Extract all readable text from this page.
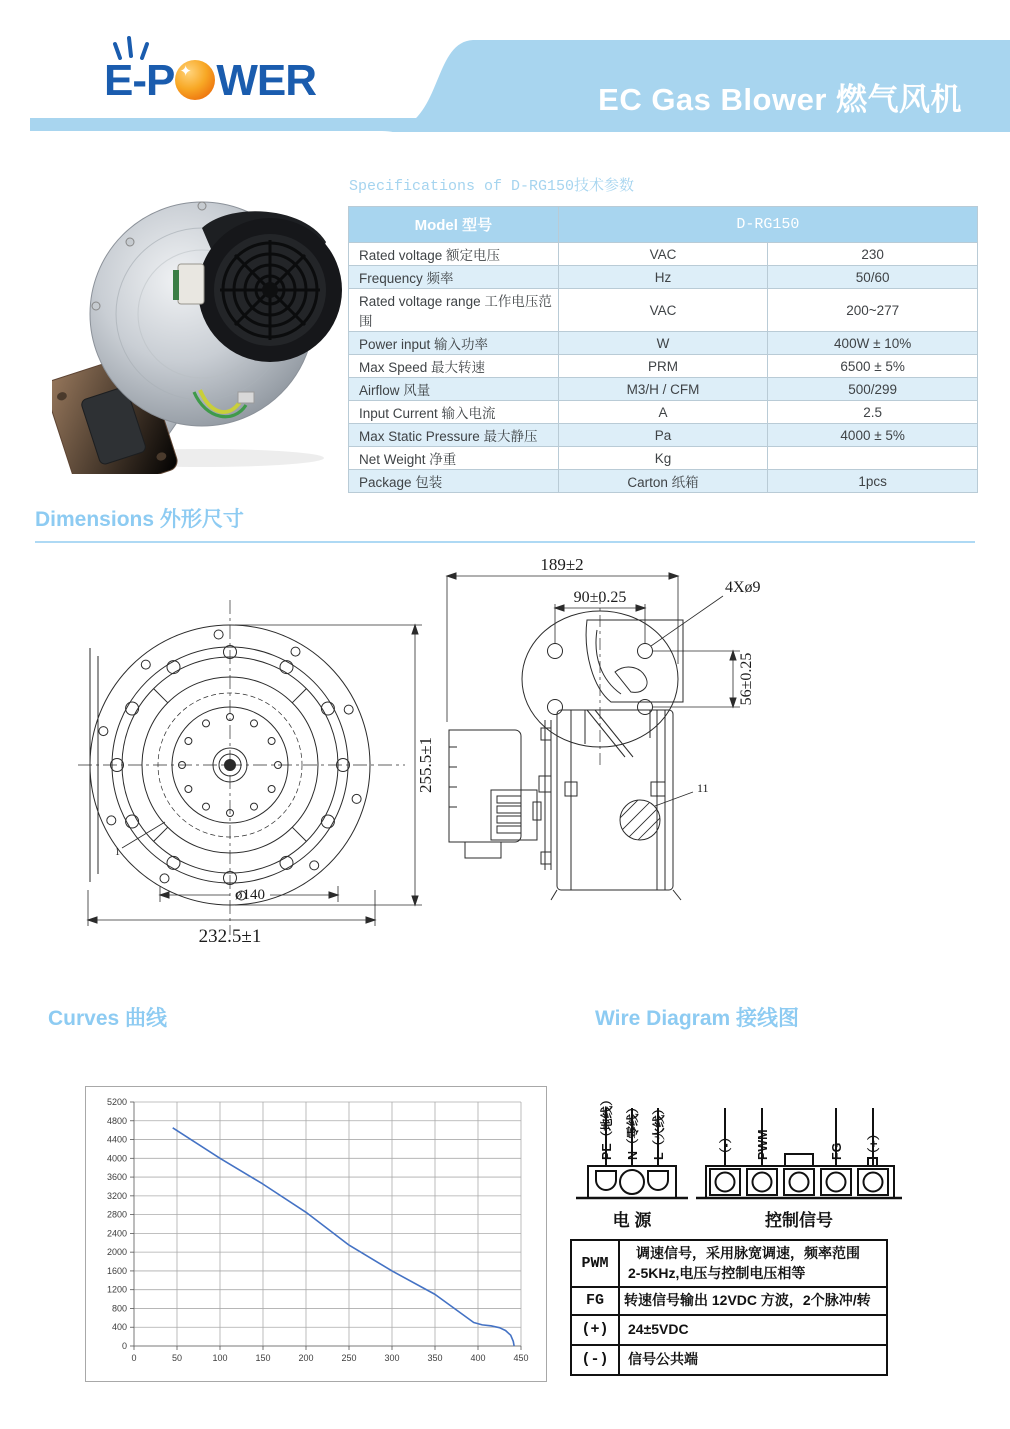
E-P ✦ WER	EC Gas Blower 燃气风机
Specifications of D-RG150技术参数
Model 型号	D-RG150	
Rated voltage 额定电压	VAC	230
Frequency 频率	Hz	50/60
Rated voltage range 工作电压范围	VAC	200~277
Power input 输入功率	W	400W ± 10%
Max Speed 最大转速	PRM	6500 ± 5%
Airflow 风量	M3/H / CFM	500/299
Input Current 输入电流	A	2.5
Max Static Pressure 最大静压	Pa	4000 ± 5%
Net Weight 净重	Kg	
Package 包装	Carton 纸箱	1pcs
Dimensions 外形尺寸
255.5±1
ø140
232.5±1
1
189±2
90±0.25
4Xø9
56±0.25
11
Curves 曲线	Wire Diagram 接线图
0
400
800
1200
1600
2000
2400
2800
3200
3600
4000
4400
4800
5200
0	50	100	150	200	250	300	350	400	450
PE（地线） N（零线） L（火线）	（-） PWM	FG （+）
电 源	控制信号
PWM	调速信号，采用脉宽调速，频率范围
2-5KHz,电压与控制电压相等

FG	转速信号输出 12VDC 方波，2个脉冲/转

(+)	24±5VDC

(-)	信号公共端
